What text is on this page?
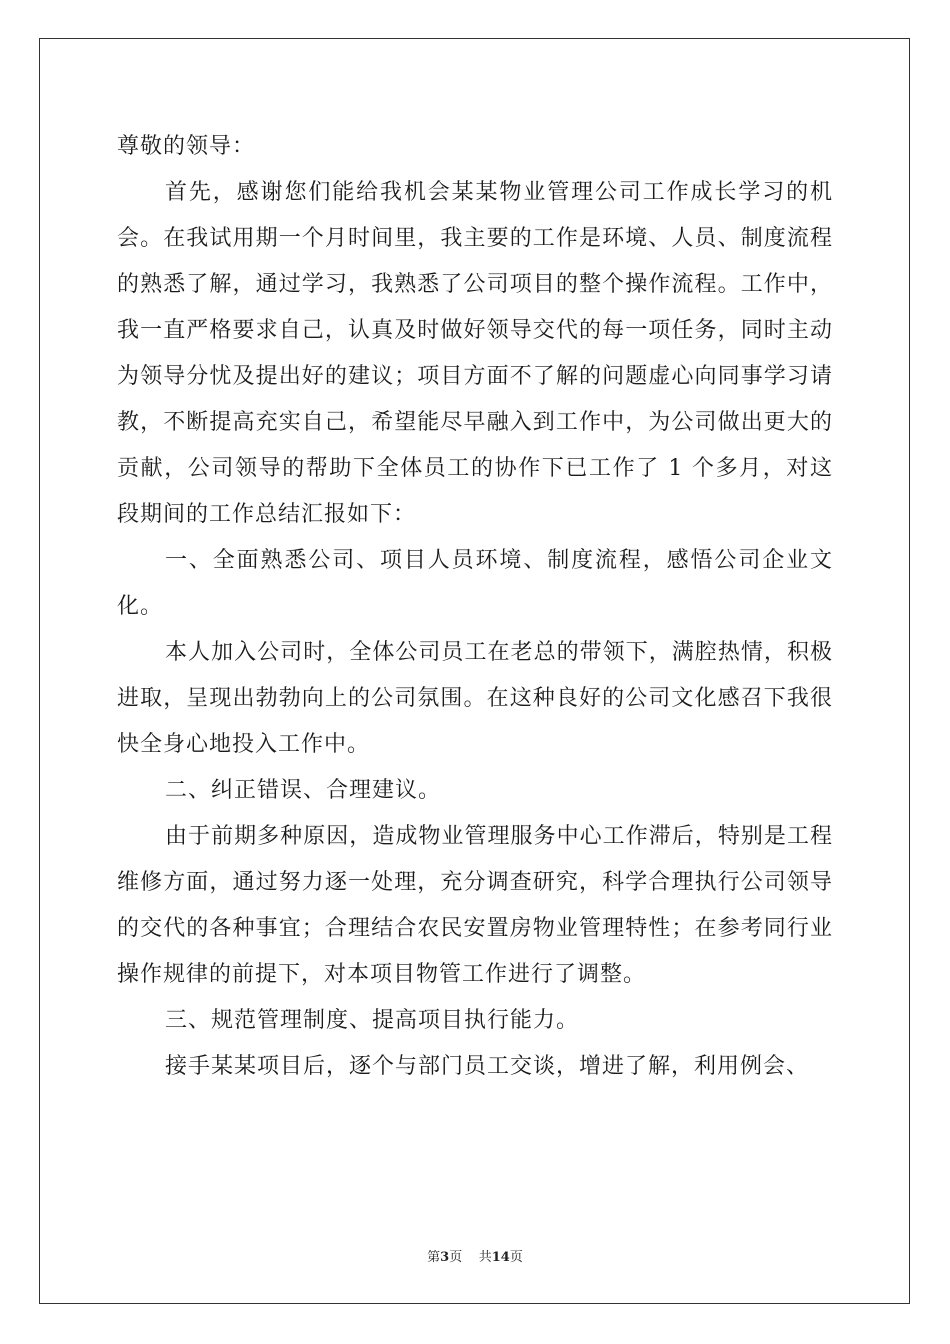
尊敬的领导：

首先，感谢您们能给我机会某某物业管理公司工作成长学习的机会。在我试用期一个月时间里，我主要的工作是环境、人员、制度流程的熟悉了解，通过学习，我熟悉了公司项目的整个操作流程。工作中，我一直严格要求自己，认真及时做好领导交代的每一项任务，同时主动为领导分忧及提出好的建议；项目方面不了解的问题虚心向同事学习请教，不断提高充实自己，希望能尽早融入到工作中，为公司做出更大的贡献，公司领导的帮助下全体员工的协作下已工作了 1 个多月，对这段期间的工作总结汇报如下：

一、全面熟悉公司、项目人员环境、制度流程，感悟公司企业文化。

本人加入公司时，全体公司员工在老总的带领下，满腔热情，积极进取，呈现出勃勃向上的公司氛围。在这种良好的公司文化感召下我很快全身心地投入工作中。

二、纠正错误、合理建议。

由于前期多种原因，造成物业管理服务中心工作滞后，特别是工程维修方面，通过努力逐一处理，充分调查研究，科学合理执行公司领导的交代的各种事宜；合理结合农民安置房物业管理特性；在参考同行业操作规律的前提下，对本项目物管工作进行了调整。

三、规范管理制度、提高项目执行能力。

接手某某项目后，逐个与部门员工交谈，增进了解，利用例会、

第3页 共14页
